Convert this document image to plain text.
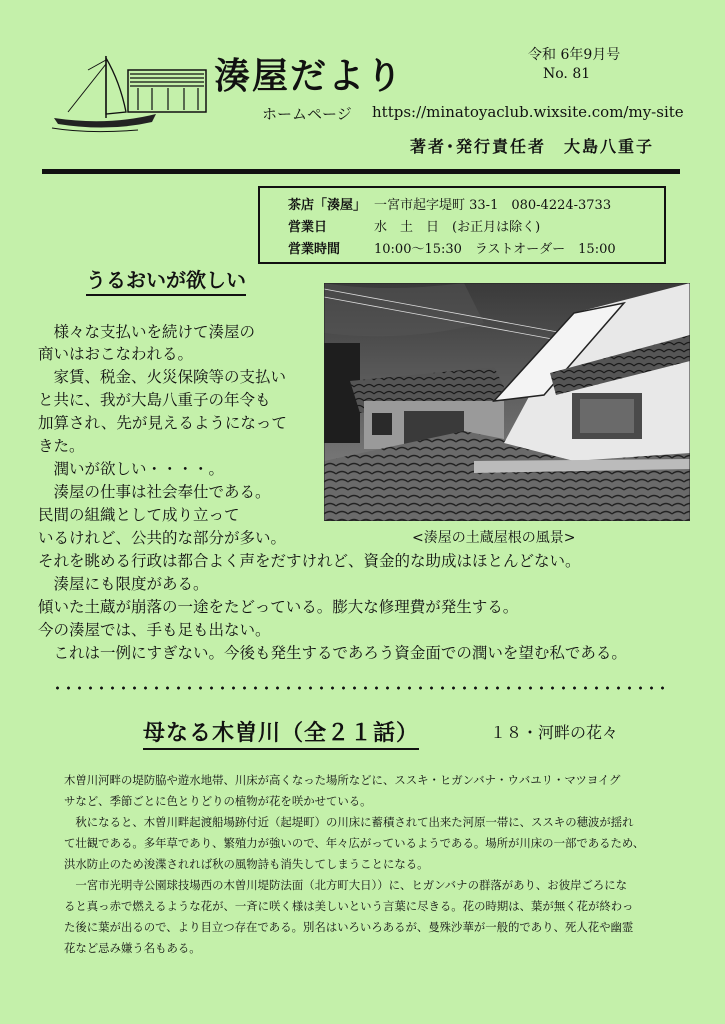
湊屋だより
令和 6年9月号
No. 81
ホームページ https://minatoyaclub.wixsite.com/my-site
著者･発行責任者　大島八重子
茶店「湊屋」 一宮市起字堤町 33-1　080-4224-3733
営業日	水　土　日　(お正月は除く)
営業時間	10:00～15:30　ラストオーダー　15:00
うるおいが欲しい
<湊屋の土蔵屋根の風景>
　様々な支払いを続けて湊屋の
商いはおこなわれる。
　家賃、税金、火災保険等の支払い
と共に、我が大島八重子の年令も
加算され、先が見えるようになって
きた。
　潤いが欲しい・・・・。
　湊屋の仕事は社会奉仕である。
民間の組織として成り立って
いるけれど、公共的な部分が多い。
それを眺める行政は都合よく声をだすけれど、資金的な助成はほとんどない。
　湊屋にも限度がある。
傾いた土蔵が崩落の一途をたどっている。膨大な修理費が発生する。
今の湊屋では、手も足も出ない。
　これは一例にすぎない。今後も発生するであろう資金面での潤いを望む私である。
母なる木曽川（全２１話）	１８・河畔の花々
木曽川河畔の堤防脇や遊水地帯、川床が高くなった場所などに、ススキ・ヒガンバナ・ウバユリ・マツヨイグ
サなど、季節ごとに色とりどりの植物が花を咲かせている。
　秋になると、木曽川畔起渡船場跡付近（起堤町）の川床に蓄積されて出来た河原一帯に、ススキの穂波が揺れ
て壮観である。多年草であり、繁殖力が強いので、年々広がっているようである。場所が川床の一部であるため、
洪水防止のため浚渫されれば秋の風物詩も消失してしまうことになる。
　一宮市光明寺公園球技場西の木曽川堤防法面（北方町大日））に、ヒガンバナの群落があり、お彼岸ごろにな
ると真っ赤で燃えるような花が、一斉に咲く様は美しいという言葉に尽きる。花の時期は、葉が無く花が終わっ
た後に葉が出るので、より目立つ存在である。別名はいろいろあるが、曼殊沙華が一般的であり、死人花や幽霊
花など忌み嫌う名もある。
